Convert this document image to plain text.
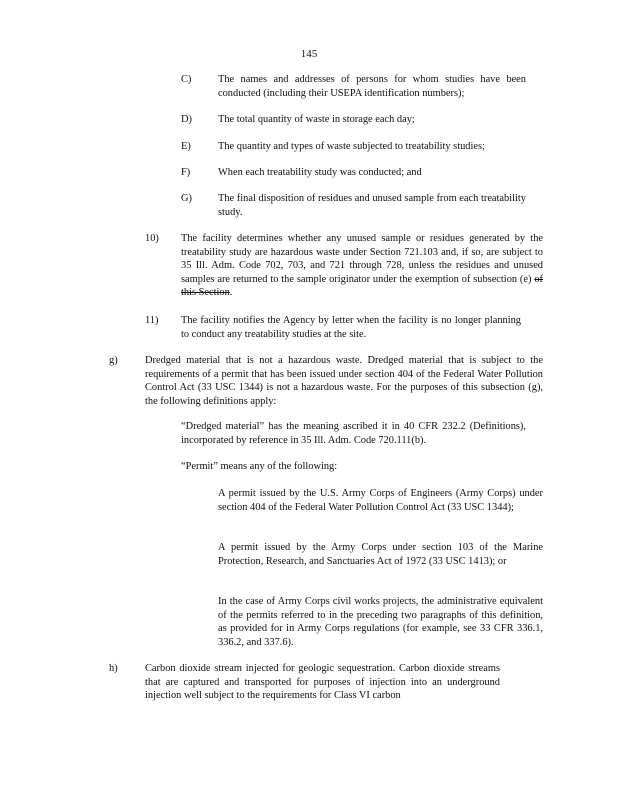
145
C)	The names and addresses of persons for whom studies have been conducted (including their USEPA identification numbers);
D)	The total quantity of waste in storage each day;
E)	The quantity and types of waste subjected to treatability studies;
F)	When each treatability study was conducted; and
G)	The final disposition of residues and unused sample from each treatability study.
10) The facility determines whether any unused sample or residues generated by the treatability study are hazardous waste under Section 721.103 and, if so, are subject to 35 Ill. Adm. Code 702, 703, and 721 through 728, unless the residues and unused samples are returned to the sample originator under the exemption of subsection (e) of this Section.
11) The facility notifies the Agency by letter when the facility is no longer planning to conduct any treatability studies at the site.
g)	Dredged material that is not a hazardous waste. Dredged material that is subject to the requirements of a permit that has been issued under section 404 of the Federal Water Pollution Control Act (33 USC 1344) is not a hazardous waste. For the purposes of this subsection (g), the following definitions apply:
“Dredged material” has the meaning ascribed it in 40 CFR 232.2 (Definitions), incorporated by reference in 35 Ill. Adm. Code 720.111(b).
“Permit” means any of the following:
A permit issued by the U.S. Army Corps of Engineers (Army Corps) under section 404 of the Federal Water Pollution Control Act (33 USC 1344);
A permit issued by the Army Corps under section 103 of the Marine Protection, Research, and Sanctuaries Act of 1972 (33 USC 1413); or
In the case of Army Corps civil works projects, the administrative equivalent of the permits referred to in the preceding two paragraphs of this definition, as provided for in Army Corps regulations (for example, see 33 CFR 336.1, 336.2, and 337.6).
h)	Carbon dioxide stream injected for geologic sequestration. Carbon dioxide streams that are captured and transported for purposes of injection into an underground injection well subject to the requirements for Class VI carbon
